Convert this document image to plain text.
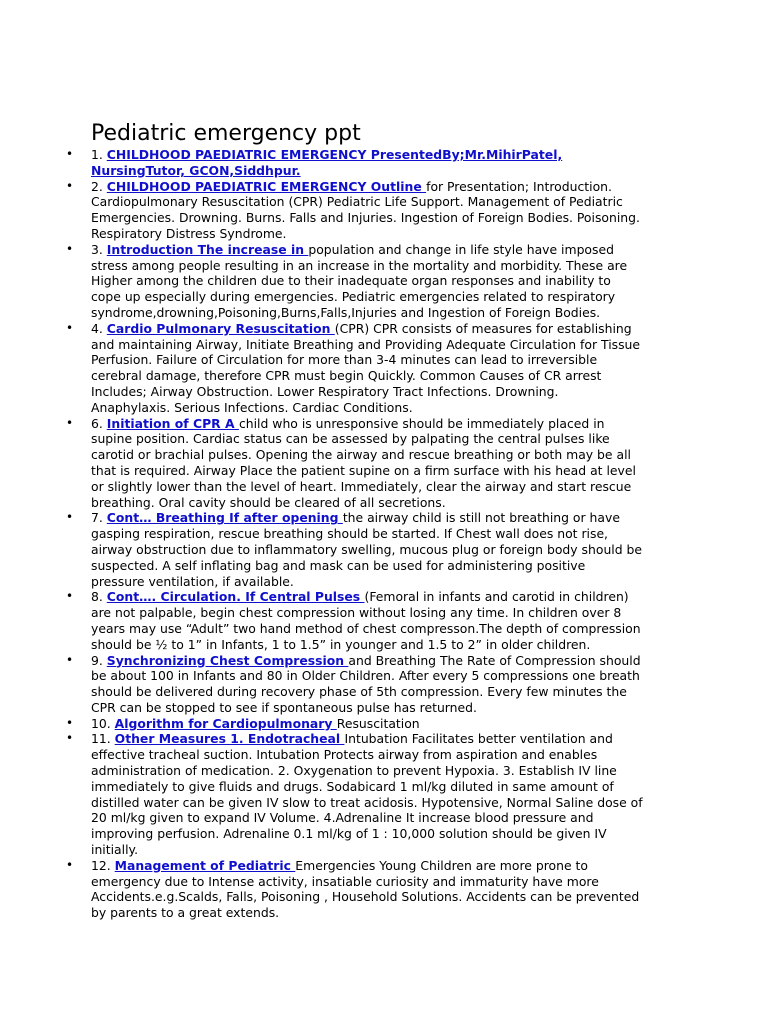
Pediatric emergency ppt
• 1. CHILDHOOD PAEDIATRIC EMERGENCY PresentedBy;Mr.MihirPatel,
NursingTutor, GCON,Siddhpur.
• 2. CHILDHOOD PAEDIATRIC EMERGENCY Outline for Presentation; Introduction.
Cardiopulmonary Resuscitation (CPR) Pediatric Life Support. Management of Pediatric
Emergencies. Drowning. Burns. Falls and Injuries. Ingestion of Foreign Bodies. Poisoning.
Respiratory Distress Syndrome.
• 3. Introduction The increase in population and change in life style have imposed
stress among people resulting in an increase in the mortality and morbidity. These are
Higher among the children due to their inadequate organ responses and inability to
cope up especially during emergencies. Pediatric emergencies related to respiratory
syndrome,drowning,Poisoning,Burns,Falls,Injuries and Ingestion of Foreign Bodies.
• 4. Cardio Pulmonary Resuscitation (CPR) CPR consists of measures for establishing
and maintaining Airway, Initiate Breathing and Providing Adequate Circulation for Tissue
Perfusion. Failure of Circulation for more than 3-4 minutes can lead to irreversible
cerebral damage, therefore CPR must begin Quickly. Common Causes of CR arrest
Includes; Airway Obstruction. Lower Respiratory Tract Infections. Drowning.
Anaphylaxis. Serious Infections. Cardiac Conditions.
• 6. Initiation of CPR A child who is unresponsive should be immediately placed in
supine position. Cardiac status can be assessed by palpating the central pulses like
carotid or brachial pulses. Opening the airway and rescue breathing or both may be all
that is required. Airway Place the patient supine on a firm surface with his head at level
or slightly lower than the level of heart. Immediately, clear the airway and start rescue
breathing. Oral cavity should be cleared of all secretions.
• 7. Cont… Breathing If after opening the airway child is still not breathing or have
gasping respiration, rescue breathing should be started. If Chest wall does not rise,
airway obstruction due to inflammatory swelling, mucous plug or foreign body should be
suspected. A self inflating bag and mask can be used for administering positive
pressure ventilation, if available.
• 8. Cont…. Circulation. If Central Pulses (Femoral in infants and carotid in children)
are not palpable, begin chest compression without losing any time. In children over 8
years may use “Adult” two hand method of chest compresson.The depth of compression
should be ½ to 1” in Infants, 1 to 1.5” in younger and 1.5 to 2” in older children.
• 9. Synchronizing Chest Compression and Breathing The Rate of Compression should
be about 100 in Infants and 80 in Older Children. After every 5 compressions one breath
should be delivered during recovery phase of 5th compression. Every few minutes the
CPR can be stopped to see if spontaneous pulse has returned.
• 10. Algorithm for Cardiopulmonary Resuscitation
• 11. Other Measures 1. Endotracheal Intubation Facilitates better ventilation and
effective tracheal suction. Intubation Protects airway from aspiration and enables
administration of medication. 2. Oxygenation to prevent Hypoxia. 3. Establish IV line
immediately to give fluids and drugs. Sodabicard 1 ml/kg diluted in same amount of
distilled water can be given IV slow to treat acidosis. Hypotensive, Normal Saline dose of
20 ml/kg given to expand IV Volume. 4.Adrenaline It increase blood pressure and
improving perfusion. Adrenaline 0.1 ml/kg of 1 : 10,000 solution should be given IV
initially.
• 12. Management of Pediatric Emergencies Young Children are more prone to
emergency due to Intense activity, insatiable curiosity and immaturity have more
Accidents.e.g.Scalds, Falls, Poisoning , Household Solutions. Accidents can be prevented
by parents to a great extends.
